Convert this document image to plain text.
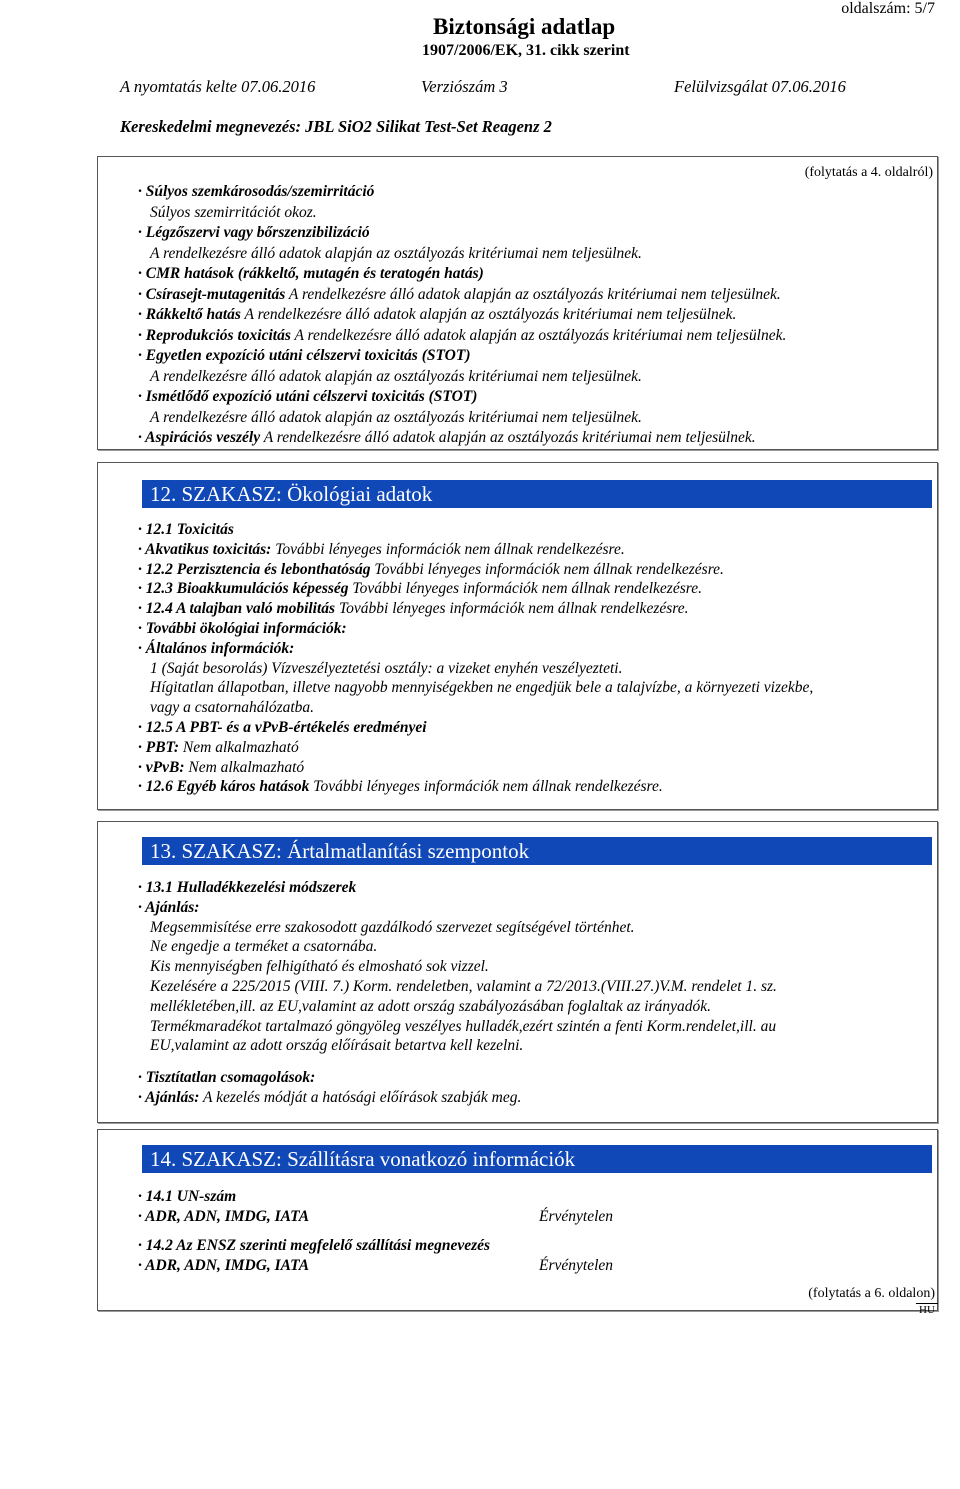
oldalszám: 5/7
Biztonsági adatlap
1907/2006/EK, 31. cikk szerint
A nyomtatás kelte 07.06.2016	Verziószám 3	Felülvizsgálat 07.06.2016
Kereskedelmi megnevezés: JBL SiO2 Silikat Test-Set Reagenz 2
(folytatás a 4. oldalról)
· Súlyos szemkárosodás/szemirritáció
Súlyos szemirritációt okoz.
· Légzőszervi vagy bőrszenzibilizáció
A rendelkezésre álló adatok alapján az osztályozás kritériumai nem teljesülnek.
· CMR hatások (rákkeltő, mutagén és teratogén hatás)
· Csírasejt-mutagenitás A rendelkezésre álló adatok alapján az osztályozás kritériumai nem teljesülnek.
· Rákkeltő hatás A rendelkezésre álló adatok alapján az osztályozás kritériumai nem teljesülnek.
· Reprodukciós toxicitás A rendelkezésre álló adatok alapján az osztályozás kritériumai nem teljesülnek.
· Egyetlen expozíció utáni célszervi toxicitás (STOT)
A rendelkezésre álló adatok alapján az osztályozás kritériumai nem teljesülnek.
· Ismétlődő expozíció utáni célszervi toxicitás (STOT)
A rendelkezésre álló adatok alapján az osztályozás kritériumai nem teljesülnek.
· Aspirációs veszély A rendelkezésre álló adatok alapján az osztályozás kritériumai nem teljesülnek.
12. SZAKASZ: Ökológiai adatok
· 12.1 Toxicitás
· Akvatikus toxicitás: További lényeges információk nem állnak rendelkezésre.
· 12.2 Perzisztencia és lebonthatóság További lényeges információk nem állnak rendelkezésre.
· 12.3 Bioakkumulációs képesség További lényeges információk nem állnak rendelkezésre.
· 12.4 A talajban való mobilitás További lényeges információk nem állnak rendelkezésre.
· További ökológiai információk:
· Általános információk:
1 (Saját besorolás) Vízveszélyeztetési osztály: a vizeket enyhén veszélyezteti.
Hígitatlan állapotban, illetve nagyobb mennyiségekben ne engedjük bele a talajvízbe, a környezeti vizekbe,
vagy a csatornahálózatba.
· 12.5 A PBT- és a vPvB-értékelés eredményei
· PBT: Nem alkalmazható
· vPvB: Nem alkalmazható
· 12.6 Egyéb káros hatások További lényeges információk nem állnak rendelkezésre.
13. SZAKASZ: Ártalmatlanítási szempontok
· 13.1 Hulladékkezelési módszerek
· Ajánlás:
Megsemmisítése erre szakosodott gazdálkodó szervezet segítségével történhet.
Ne engedje a terméket a csatornába.
Kis mennyiségben felhigítható és elmosható sok vizzel.
Kezelésére a 225/2015 (VIII. 7.) Korm. rendeletben, valamint a 72/2013.(VIII.27.)V.M. rendelet 1. sz.
mellékletében,ill. az EU,valamint az adott ország szabályozásában foglaltak az irányadók.
Termékmaradékot tartalmazó göngyöleg veszélyes hulladék,ezért szintén a fenti Korm.rendelet,ill. au
EU,valamint az adott ország előírásait betartva kell kezelni.
· Tisztítatlan csomagolások:
· Ajánlás: A kezelés módját a hatósági előírások szabják meg.
14. SZAKASZ: Szállításra vonatkozó információk
· 14.1 UN-szám
· ADR, ADN, IMDG, IATA	Érvénytelen
· 14.2 Az ENSZ szerinti megfelelő szállítási megnevezés
· ADR, ADN, IMDG, IATA	Érvénytelen
(folytatás a 6. oldalon)
HU
